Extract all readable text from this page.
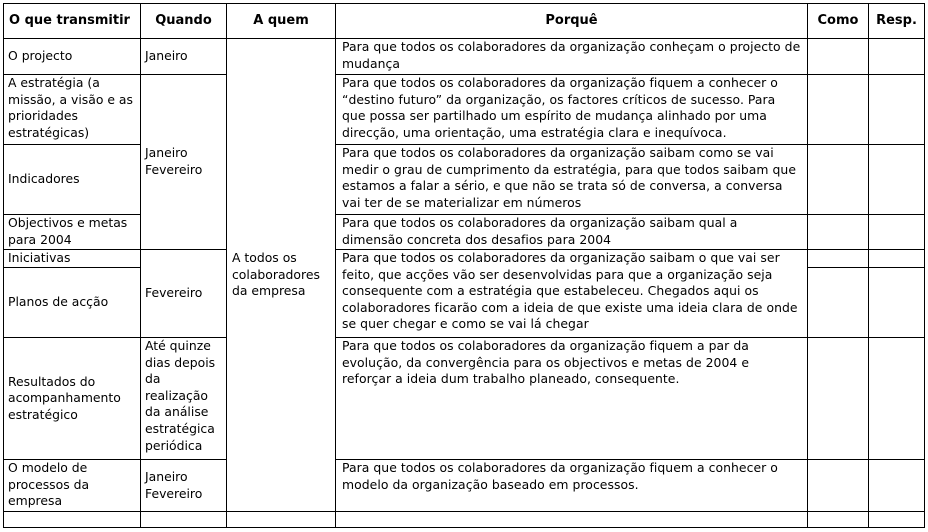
O que transmitir	Quando	A quem	Porquê	Como	Resp.
O projecto	Janeiro	A todos os colaboradores da empresa	Para que todos os colaboradores da organização conheçam o projecto de mudança		
A estratégia (a missão, a visão e as prioridades estratégicas)	Janeiro Fevereiro		Para que todos os colaboradores da organização fiquem a conhecer o “destino futuro” da organização, os factores críticos de sucesso. Para que possa ser partilhado um espírito de mudança alinhado por uma direcção, uma orientação, uma estratégia clara e inequívoca.		
Indicadores			Para que todos os colaboradores da organização saibam como se vai medir o grau de cumprimento da estratégia, para que todos saibam que estamos a falar a sério, e que não se trata só de conversa, a conversa vai ter de se materializar em números		
Objectivos e metas para 2004			Para que todos os colaboradores da organização saibam qual a dimensão concreta dos desafios para 2004		
Iniciativas	Fevereiro		Para que todos os colaboradores da organização saibam o que vai ser feito, que acções vão ser desenvolvidas para que a organização seja consequente com a estratégia que estabeleceu. Chegados aqui os colaboradores ficarão com a ideia de que existe uma ideia clara de onde se quer chegar e como se vai lá chegar		
Planos de acção					
Resultados do acompanhamento estratégico	Até quinze dias depois da realização da análise estratégica periódica		Para que todos os colaboradores da organização fiquem a par da evolução, da convergência para os objectivos e metas de 2004 e reforçar a ideia dum trabalho planeado, consequente.		
O modelo de processos da empresa	Janeiro Fevereiro		Para que todos os colaboradores da organização fiquem a conhecer o modelo da organização baseado em processos.		
